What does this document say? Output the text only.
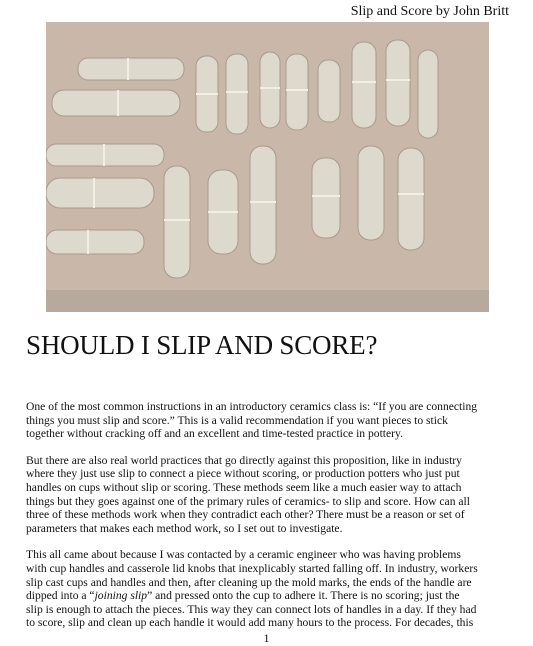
Slip and Score by John Britt
SHOULD I SLIP AND SCORE?

One of the most common instructions in an introductory ceramics class is: “If you are connecting things you must slip and score.” This is a valid recommendation if you want pieces to stick together without cracking off and an excellent and time-tested practice in pottery.

But there are also real world practices that go directly against this proposition, like in industry where they just use slip to connect a piece without scoring, or production potters who just put handles on cups without slip or scoring. These methods seem like a much easier way to attach things but they goes against one of the primary rules of ceramics- to slip and score. How can all three of these methods work when they contradict each other? There must be a reason or set of parameters that makes each method work, so I set out to investigate.

This all came about because I was contacted by a ceramic engineer who was having problems with cup handles and casserole lid knobs that inexplicably started falling off. In industry, workers slip cast cups and handles and then, after cleaning up the mold marks, the ends of the handle are dipped into a “joining slip” and pressed onto the cup to adhere it. There is no scoring; just the slip is enough to attach the pieces. This way they can connect lots of handles in a day. If they had to score, slip and clean up each handle it would add many hours to the process. For decades, this

1
